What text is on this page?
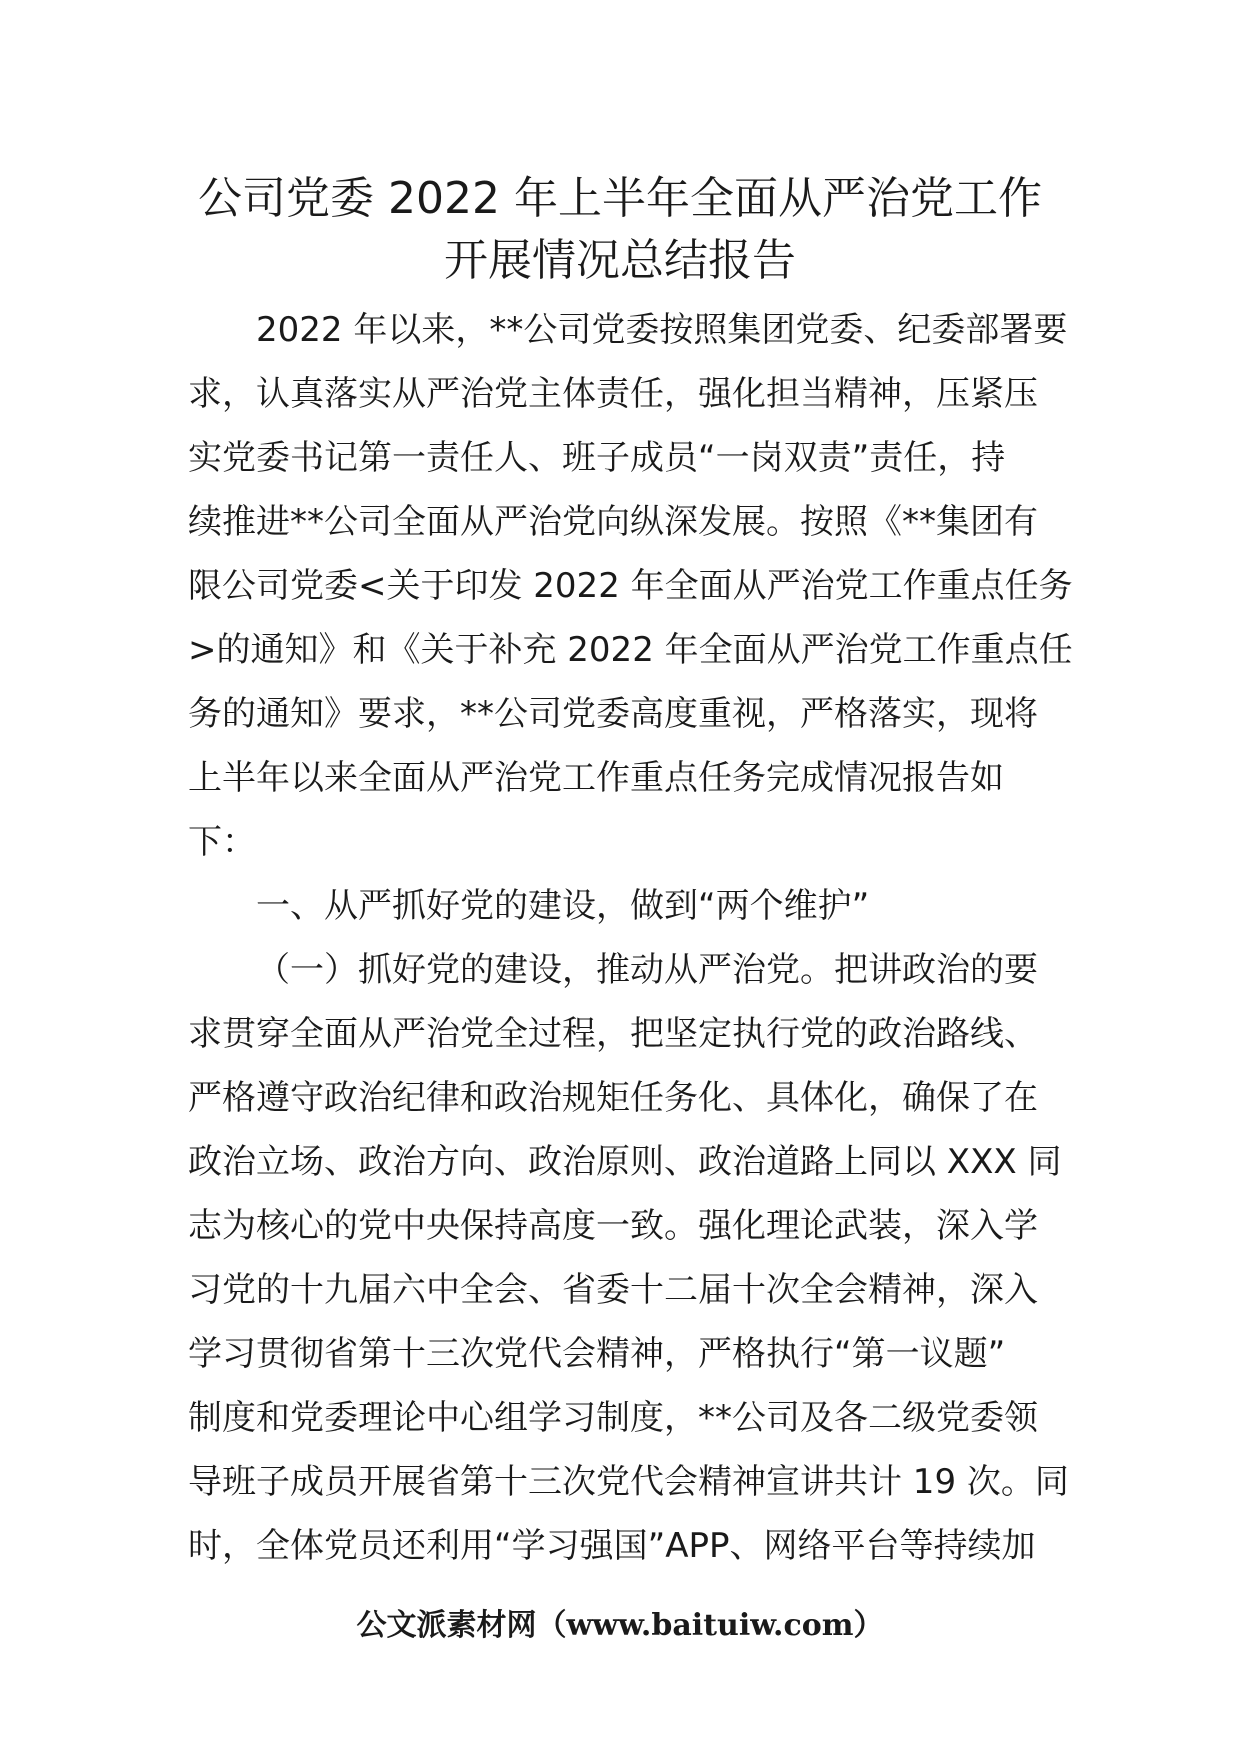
公司党委 2022 年上半年全面从严治党工作
开展情况总结报告
2022 年以来，**公司党委按照集团党委、纪委部署要
求，认真落实从严治党主体责任，强化担当精神，压紧压
实党委书记第一责任人、班子成员“一岗双责”责任，持
续推进**公司全面从严治党向纵深发展。按照《**集团有
限公司党委<关于印发 2022 年全面从严治党工作重点任务
>的通知》和《关于补充 2022 年全面从严治党工作重点任
务的通知》要求，**公司党委高度重视，严格落实，现将
上半年以来全面从严治党工作重点任务完成情况报告如
下：
一、从严抓好党的建设，做到“两个维护”
（一）抓好党的建设，推动从严治党。把讲政治的要
求贯穿全面从严治党全过程，把坚定执行党的政治路线、
严格遵守政治纪律和政治规矩任务化、具体化，确保了在
政治立场、政治方向、政治原则、政治道路上同以 XXX 同
志为核心的党中央保持高度一致。强化理论武装，深入学
习党的十九届六中全会、省委十二届十次全会精神，深入
学习贯彻省第十三次党代会精神，严格执行“第一议题”
制度和党委理论中心组学习制度，**公司及各二级党委领
导班子成员开展省第十三次党代会精神宣讲共计 19 次。同
时，全体党员还利用“学习强国”APP、网络平台等持续加
公文派素材网（www.baituiw.com）
